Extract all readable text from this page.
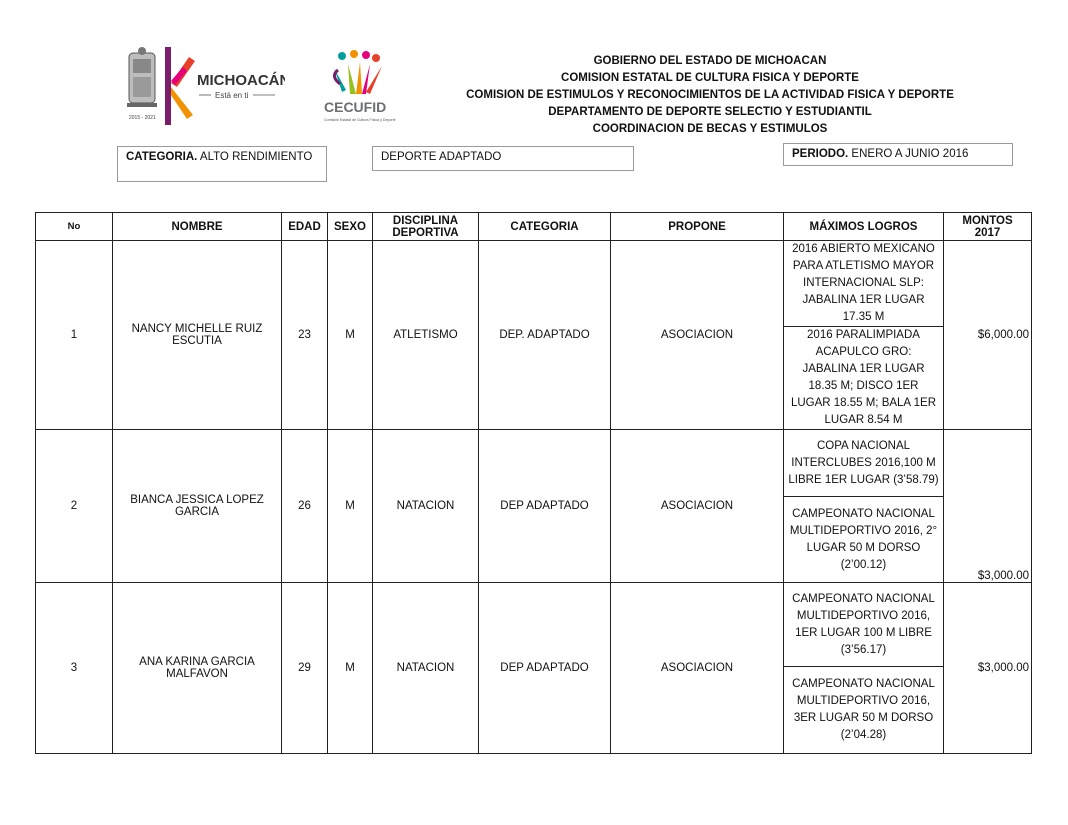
MICHOACÁN
Está en ti
2015 - 2021
CECUFID
Comisión Estatal de Cultura Física y Deporte
GOBIERNO DEL ESTADO DE MICHOACAN
COMISION ESTATAL DE CULTURA FISICA Y DEPORTE
COMISION DE ESTIMULOS Y RECONOCIMIENTOS DE LA ACTIVIDAD FISICA Y DEPORTE
DEPARTAMENTO DE DEPORTE SELECTIO Y ESTUDIANTIL
COORDINACION DE BECAS Y ESTIMULOS
CATEGORIA. ALTO RENDIMIENTO	DEPORTE ADAPTADO	PERIODO. ENERO A JUNIO 2016
No	NOMBRE	EDAD	SEXO	DISCIPLINA DEPORTIVA	CATEGORIA	PROPONE	MÁXIMOS LOGROS	MONTOS 2017
1	NANCY MICHELLE RUIZ ESCUTIA	23	M	ATLETISMO	DEP. ADAPTADO	ASOCIACION	2016 ABIERTO MEXICANO PARA ATLETISMO MAYOR INTERNACIONAL SLP: JABALINA 1ER LUGAR 17.35 M	$6,000.00
							2016 PARALIMPIADA ACAPULCO GRO: JABALINA 1ER LUGAR 18.35 M; DISCO 1ER LUGAR 18.55 M; BALA 1ER LUGAR 8.54 M	
2	BIANCA JESSICA LOPEZ GARCIA	26	M	NATACION	DEP ADAPTADO	ASOCIACION	COPA NACIONAL INTERCLUBES 2016,100 M LIBRE 1ER LUGAR (3’58.79)	$3,000.00
							CAMPEONATO NACIONAL MULTIDEPORTIVO 2016, 2° LUGAR 50 M DORSO (2’00.12)	
3	ANA KARINA GARCIA MALFAVON	29	M	NATACION	DEP ADAPTADO	ASOCIACION	CAMPEONATO NACIONAL MULTIDEPORTIVO 2016, 1ER LUGAR 100 M LIBRE (3’56.17)	$3,000.00
							CAMPEONATO NACIONAL MULTIDEPORTIVO 2016, 3ER LUGAR 50 M DORSO (2’04.28)	
